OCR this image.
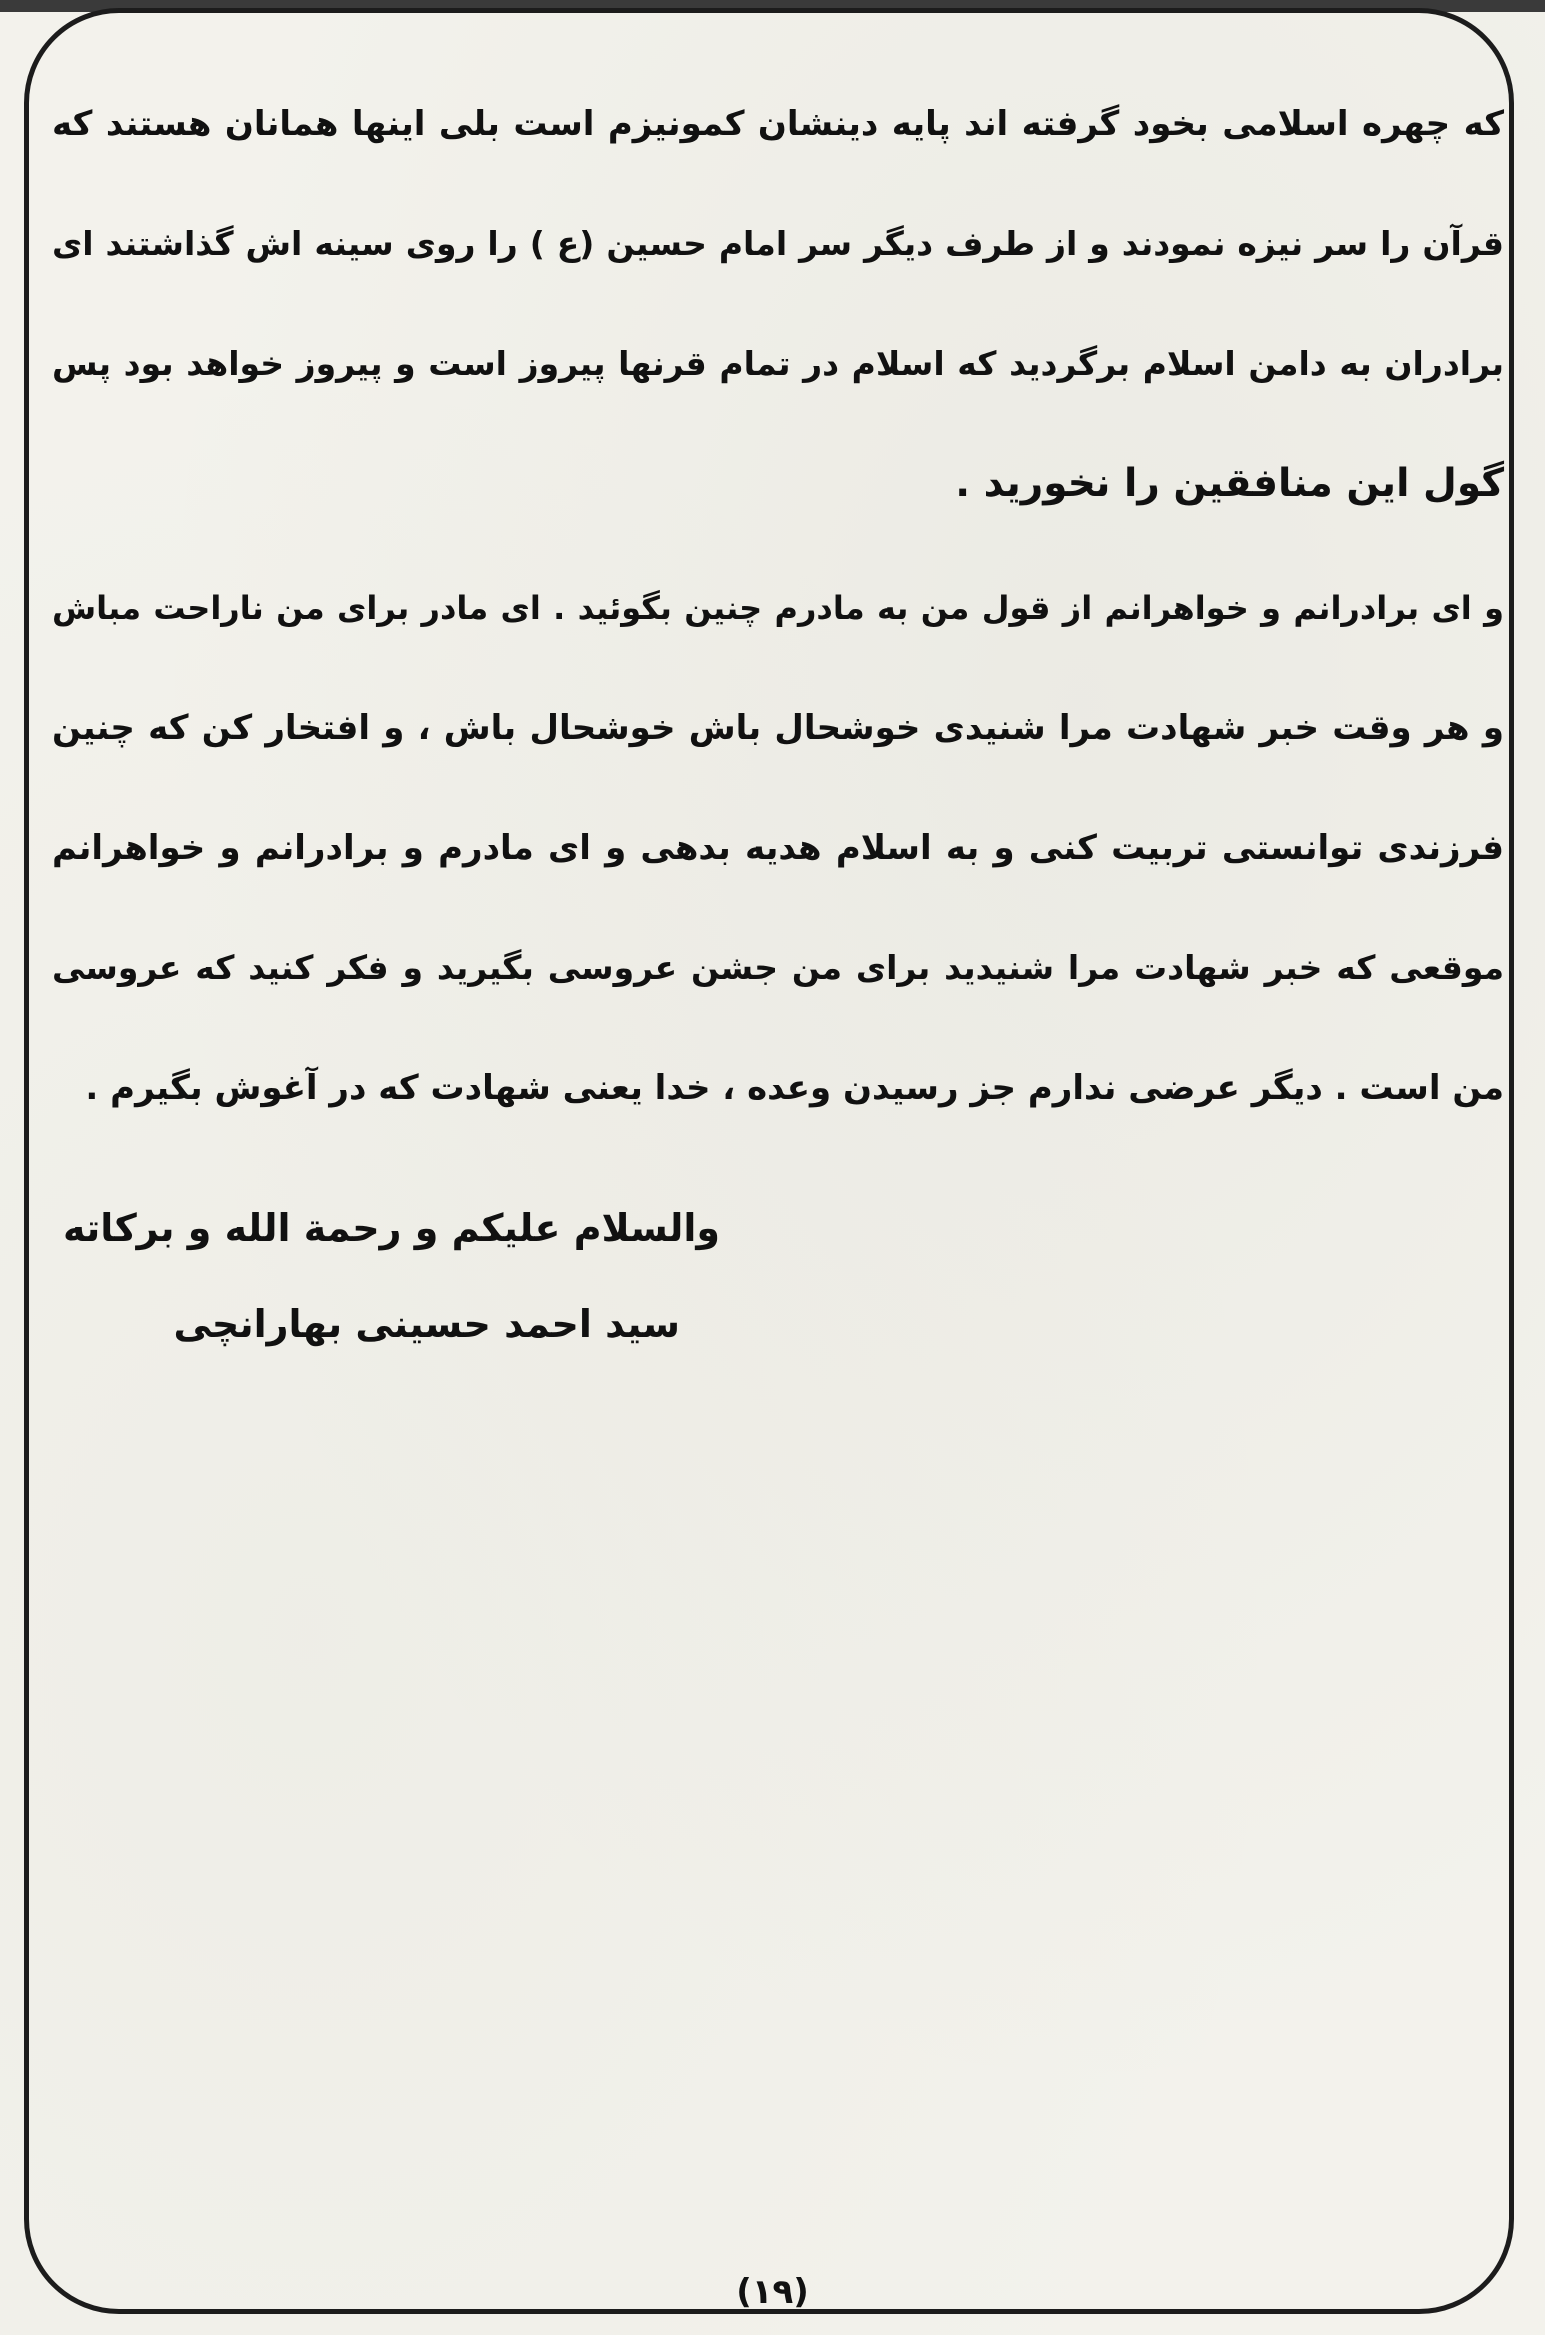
که چهره اسلامی بخود گرفته اند پایه دینشان کمونیزم است بلی اینها همانان هستند که
قرآن را سر نیزه نمودند و از طرف دیگر سر امام حسین (ع ) را روی سینه اش گذاشتند ای
برادران به دامن اسلام برگردید که اسلام در تمام قرنها پیروز است و پیروز خواهد بود پس
گول این منافقین را نخورید .
و ای برادرانم و خواهرانم از قول من به مادرم چنین بگوئید . ای مادر برای من ناراحت مباش
و هر وقت خبر شهادت مرا شنیدی خوشحال باش خوشحال باش ، و افتخار کن که چنین
فرزندی توانستی تربیت کنی و به اسلام هدیه بدهی و ای مادرم و برادرانم و خواهرانم
موقعی که خبر شهادت مرا شنیدید برای من جشن عروسی بگیرید و فکر کنید که عروسی
من است . دیگر عرضی ندارم جز رسیدن وعده ، خدا یعنی شهادت که در آغوش بگیرم .
والسلام علیکم و رحمة الله و برکاته
سید احمد حسینی بهارانچی
(۱۹)
